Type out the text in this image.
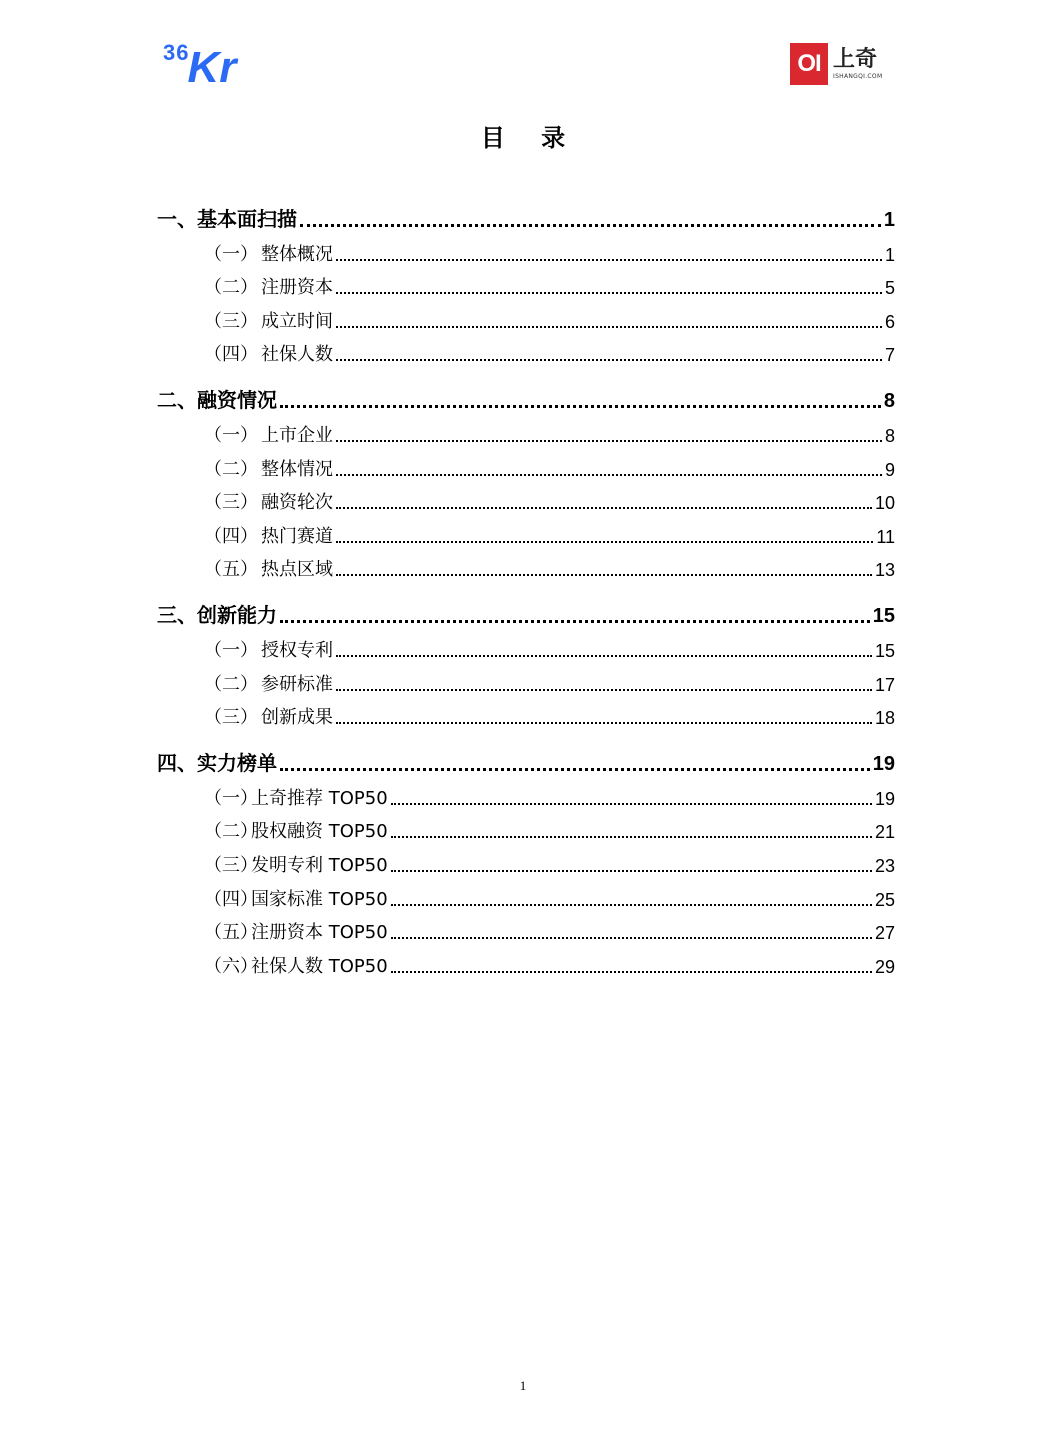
36
Kr	OI 上奇
ISHANGQI.COM
目 录
一、基本面扫描	1
（一） 整体概况	1
（二） 注册资本	5
（三） 成立时间	6
（四） 社保人数	7
二、融资情况	8
（一） 上市企业	8
（二） 整体情况	9
（三） 融资轮次	10
（四） 热门赛道	11
（五） 热点区域	13
三、创新能力	15
（一） 授权专利	15
（二） 参研标准	17
（三） 创新成果	18
四、实力榜单	19
（一）上奇推荐 TOP50	19
（二）股权融资 TOP50	21
（三）发明专利 TOP50	23
（四）国家标准 TOP50	25
（五）注册资本 TOP50	27
（六）社保人数 TOP50	29
1
